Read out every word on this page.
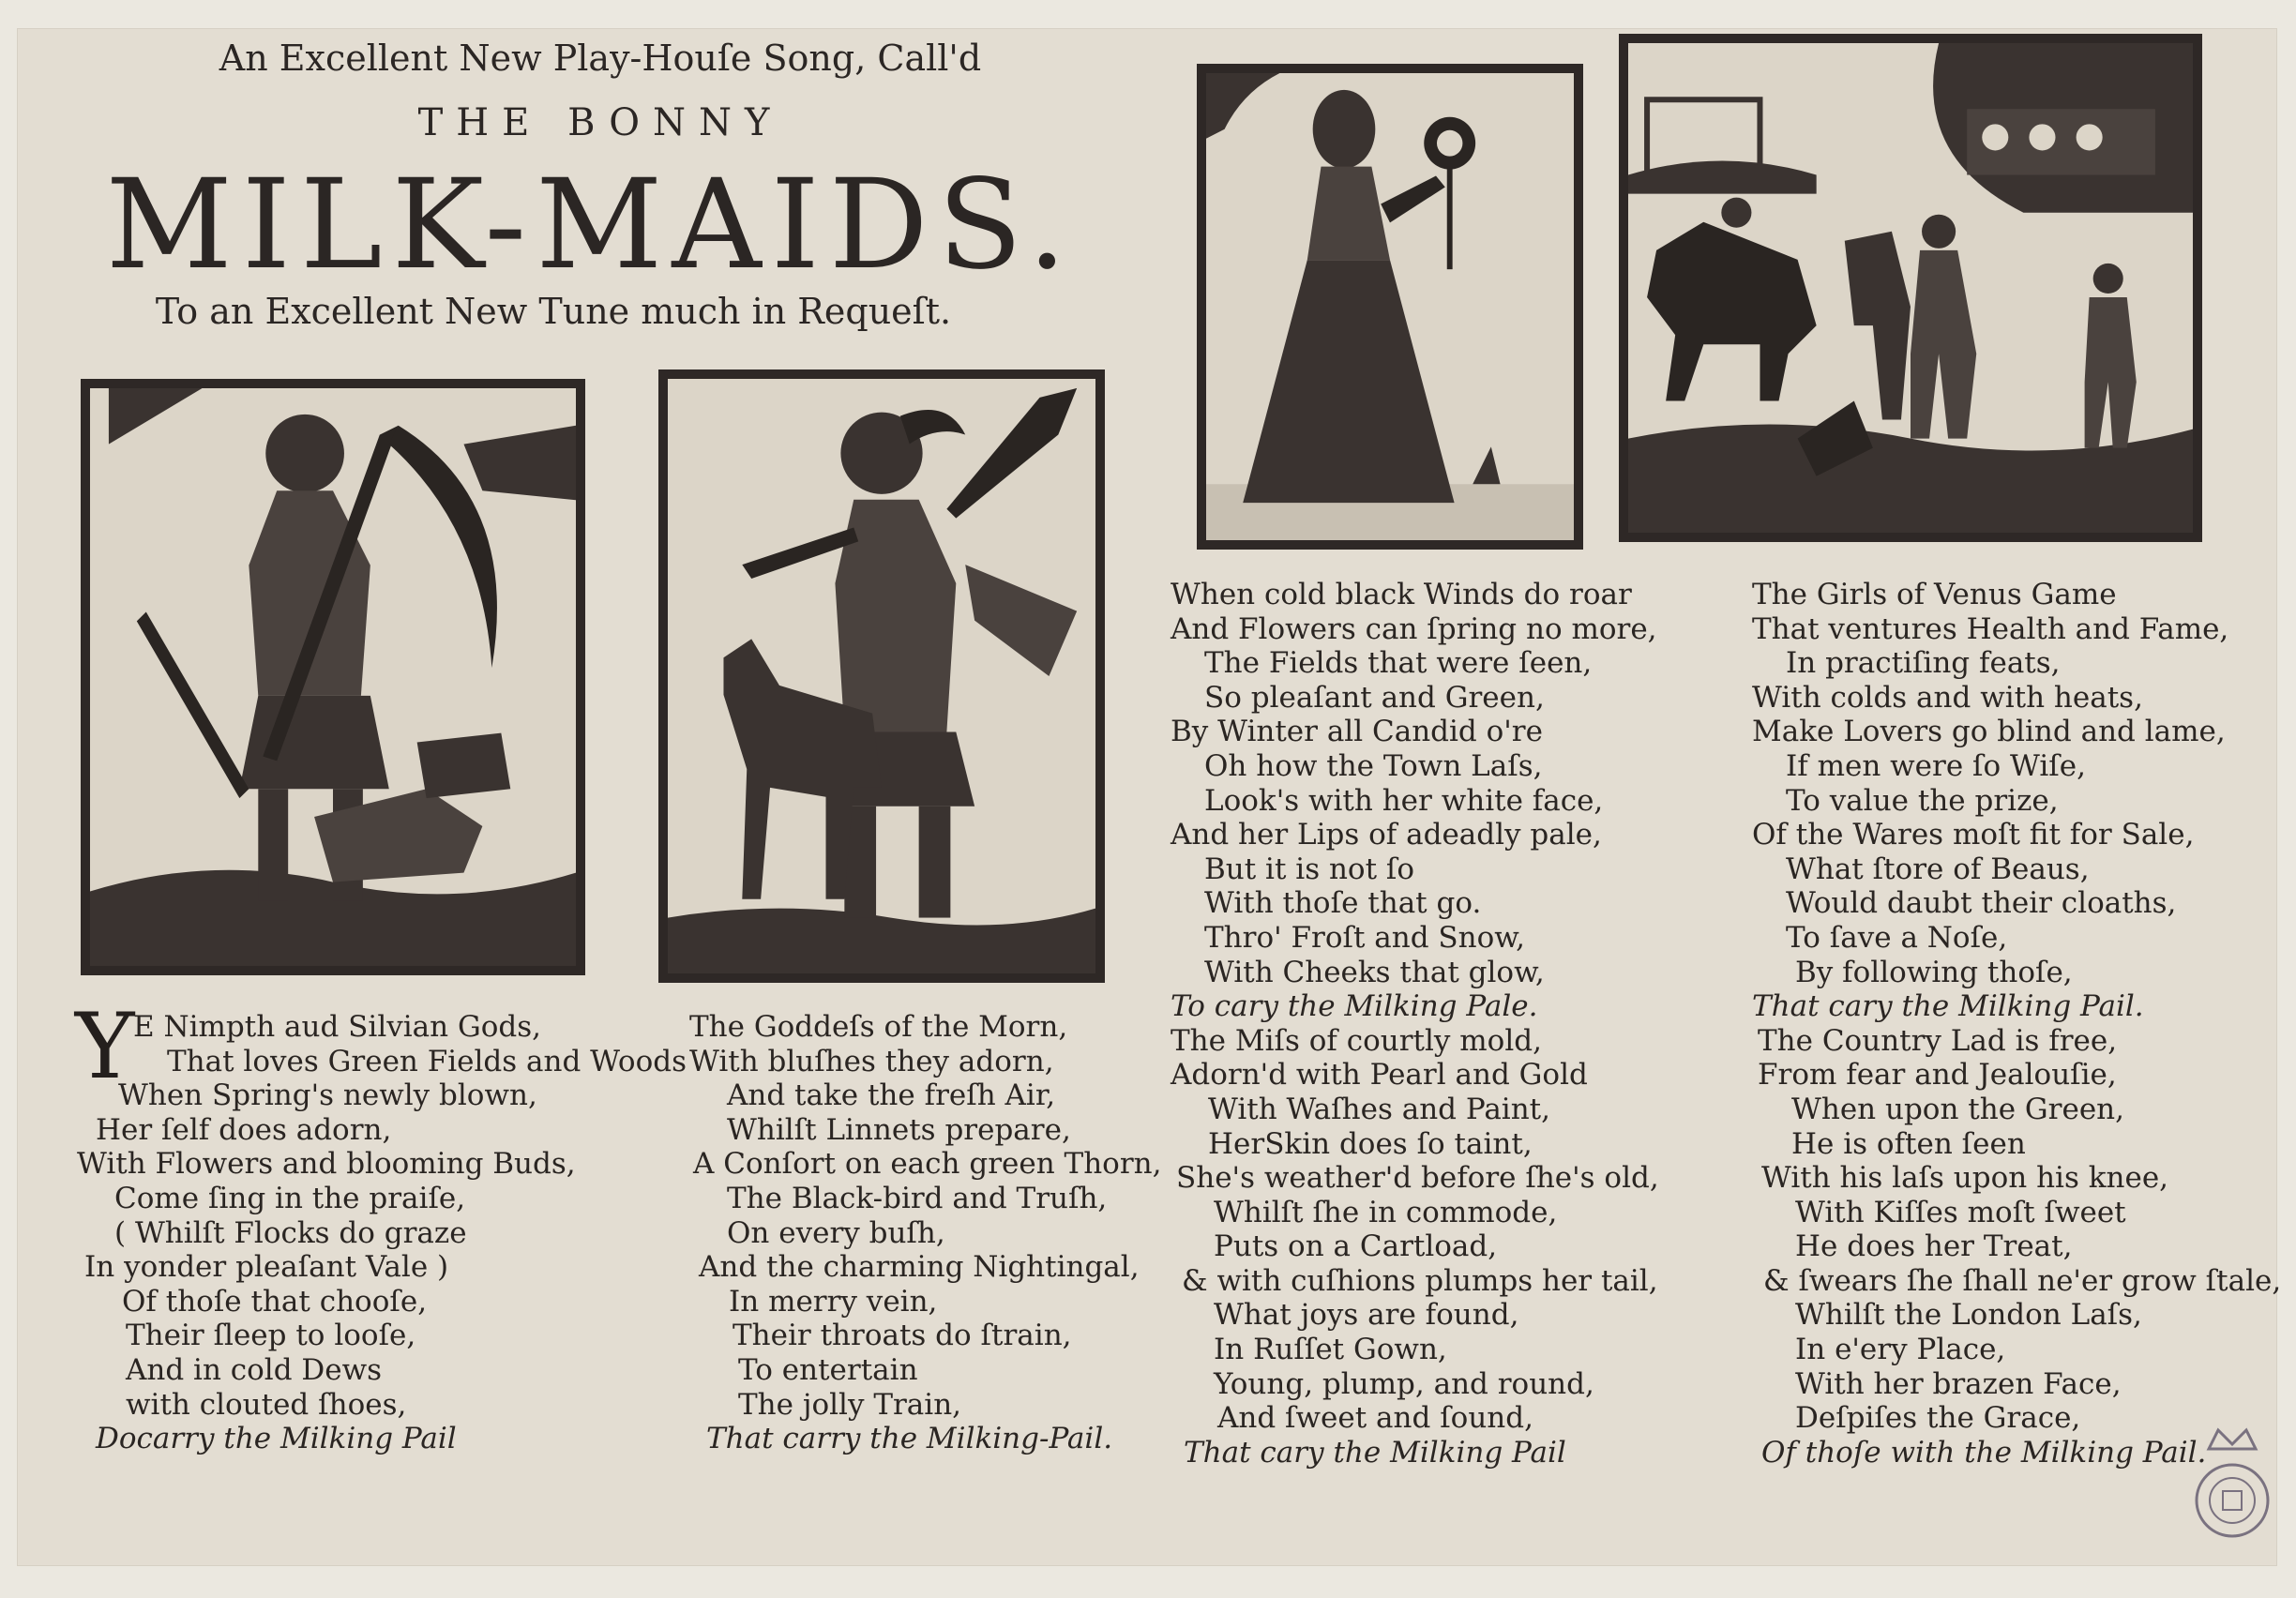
An Excellent New Play-Houſe Song, Call'd
THE BONNY
MILK-MAIDS.
To an Excellent New Tune much in Requeſt.
Y
E Nimpth aud Silvian Gods,
That loves Green Fields and Woods
When Spring's newly blown,
Her ſelf does adorn,
With Flowers and blooming Buds,
Come ſing in the praiſe,
( Whilſt Flocks do graze
In yonder pleaſant Vale )
Of thoſe that chooſe,
Their ſleep to looſe,
And in cold Dews
with clouted ſhoes,
Docarry the Milking Pail
The Goddeſs of the Morn,
With bluſhes they adorn,
And take the freſh Air,
Whilſt Linnets prepare,
A Conſort on each green Thorn,
The Black-bird and Truſh,
On every buſh,
And the charming Nightingal,
In merry vein,
Their throats do ſtrain,
To entertain
The jolly Train,
That carry the Milking-Pail.
When cold black Winds do roar
And Flowers can ſpring no more,
The Fields that were ſeen,
So pleaſant and Green,
By Winter all Candid o're
Oh how the Town Laſs,
Look's with her white face,
And her Lips of adeadly pale,
But it is not ſo
With thoſe that go.
Thro' Froſt and Snow,
With Cheeks that glow,
To cary the Milking Pale.
The Miſs of courtly mold,
Adorn'd with Pearl and Gold
With Waſhes and Paint,
HerSkin does ſo taint,
She's weather'd before ſhe's old,
Whilſt ſhe in commode,
Puts on a Cartload,
& with cuſhions plumps her tail,
What joys are found,
In Ruſſet Gown,
Young, plump, and round,
And ſweet and ſound,
That cary the Milking Pail
The Girls of Venus Game
That ventures Health and Fame,
In practiſing feats,
With colds and with heats,
Make Lovers go blind and lame,
If men were ſo Wiſe,
To value the prize,
Of the Wares moſt fit for Sale,
What ſtore of Beaus,
Would daubt their cloaths,
To ſave a Noſe,
By following thoſe,
That cary the Milking Pail.
The Country Lad is free,
From fear and Jealouſie,
When upon the Green,
He is often ſeen
With his laſs upon his knee,
With Kiſſes moſt ſweet
He does her Treat,
& ſwears ſhe ſhall ne'er grow ſtale,
Whilſt the London Laſs,
In e'ery Place,
With her brazen Face,
Deſpiſes the Grace,
Of thoſe with the Milking Pail.
